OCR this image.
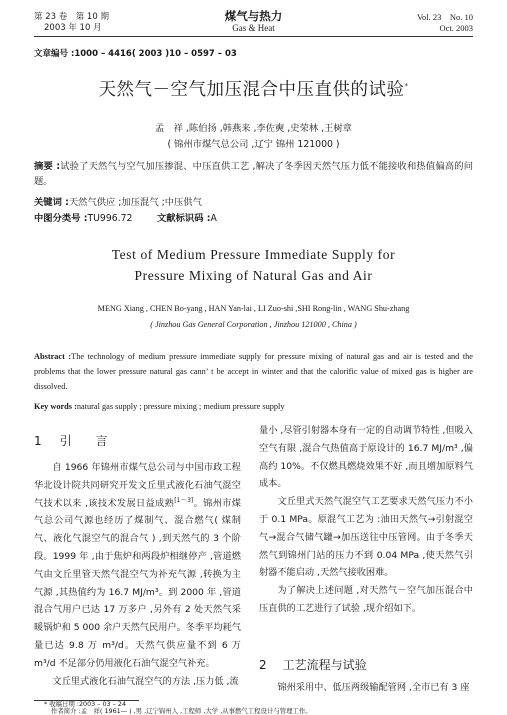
第 23 卷　第 10 期
2003 年 10 月
煤气与热力
Gas & Heat
Vol. 23　No. 10
Oct. 2003
文章编号 :1000 – 4416( 2003 )10 – 0597 – 03
天然气－空气加压混合中压直供的试验*
孟　祥 ,陈伯扬 ,韩燕来 ,李佐奭 ,史荣林 ,王树章
( 锦州市煤气总公司 ,辽宁 锦州 121000 )
摘要 :试验了天然气与空气加压掺混、中压直供工艺 ,解决了冬季因天然气压力低不能接收和热值偏高的问题。
关键词 :天然气供应 ;加压混气 ;中压供气
中图分类号 :TU996.72	文献标识码 :A
Test of Medium Pressure Immediate Supply for
Pressure Mixing of Natural Gas and Air
MENG Xiang , CHEN Bo-yang , HAN Yan-lai , LI Zuo-shi ,SHI Rong-lin , WANG Shu-zhang
( Jinzhou Gas General Corporation , Jinzhou 121000 , China )
Abstract :The technology of medium pressure immediate supply for pressure mixing of natural gas and air is tested and the problems that the lower pressure natural gas cann’ t be accept in winter and that the calorific value of mixed gas is higher are dissolved.
Key words :natural gas supply ; pressure mixing ; medium pressure supply
1 引　　言

自 1966 年锦州市煤气总公司与中国市政工程华北设计院共同研究开发文丘里式液化石油气混空气技术以来 ,该技术发展日益成熟[1～3]。锦州市煤气总公司气源也经历了煤制气、混合燃气( 煤制气、液化气混空气的混合气 ) ,到天然气的 3 个阶段。1999 年 ,由于焦炉和两段炉相继停产 ,管道燃气由文丘里管天然气混空气为补充气源 ,转换为主气源 ,其热值约为 16.7 MJ/m³。到 2000 年 ,管道混合气用户已达 17 万多户 ,另外有 2 处天然气采暖锅炉和 5 000 余户天然气民用户。冬季平均耗气量已达 9.8 万 m³/d。天然气供应量不到 6 万 m³/d 不足部分仍用液化石油气混空气补充。

文丘里式液化石油气混空气的方法 ,压力低 ,流

量小 ,尽管引射器本身有一定的自动调节特性 ,但吸入空气有限 ,混合气热值高于原设计的 16.7 MJ/m³ ,偏高约 10%。不仅燃具燃烧效果不好 ,而且增加原料气成本。

文丘里式天然气混空气工艺要求天然气压力不小于 0.1 MPa。原混气工艺为 :油田天然气→引射混空气→混合气储气罐→加压送往中压管网。由于冬季天然气到锦州门站的压力不到 0.04 MPa ,使天然气引射器不能启动 ,天然气接收困难。

为了解决上述问题 ,对天然气－空气加压混合中压直供的工艺进行了试验 ,现介绍如下。

2 工艺流程与试验

锦州采用中、低压两级输配管网 ,全市已有 3 座

* 收稿日期 :2003 – 03 – 24
作者简介 :孟　祥( 1961— ) ,男 ,辽宁锦州人 ,工程师 ,大学 ,从事燃气工程设计与管理工作。
